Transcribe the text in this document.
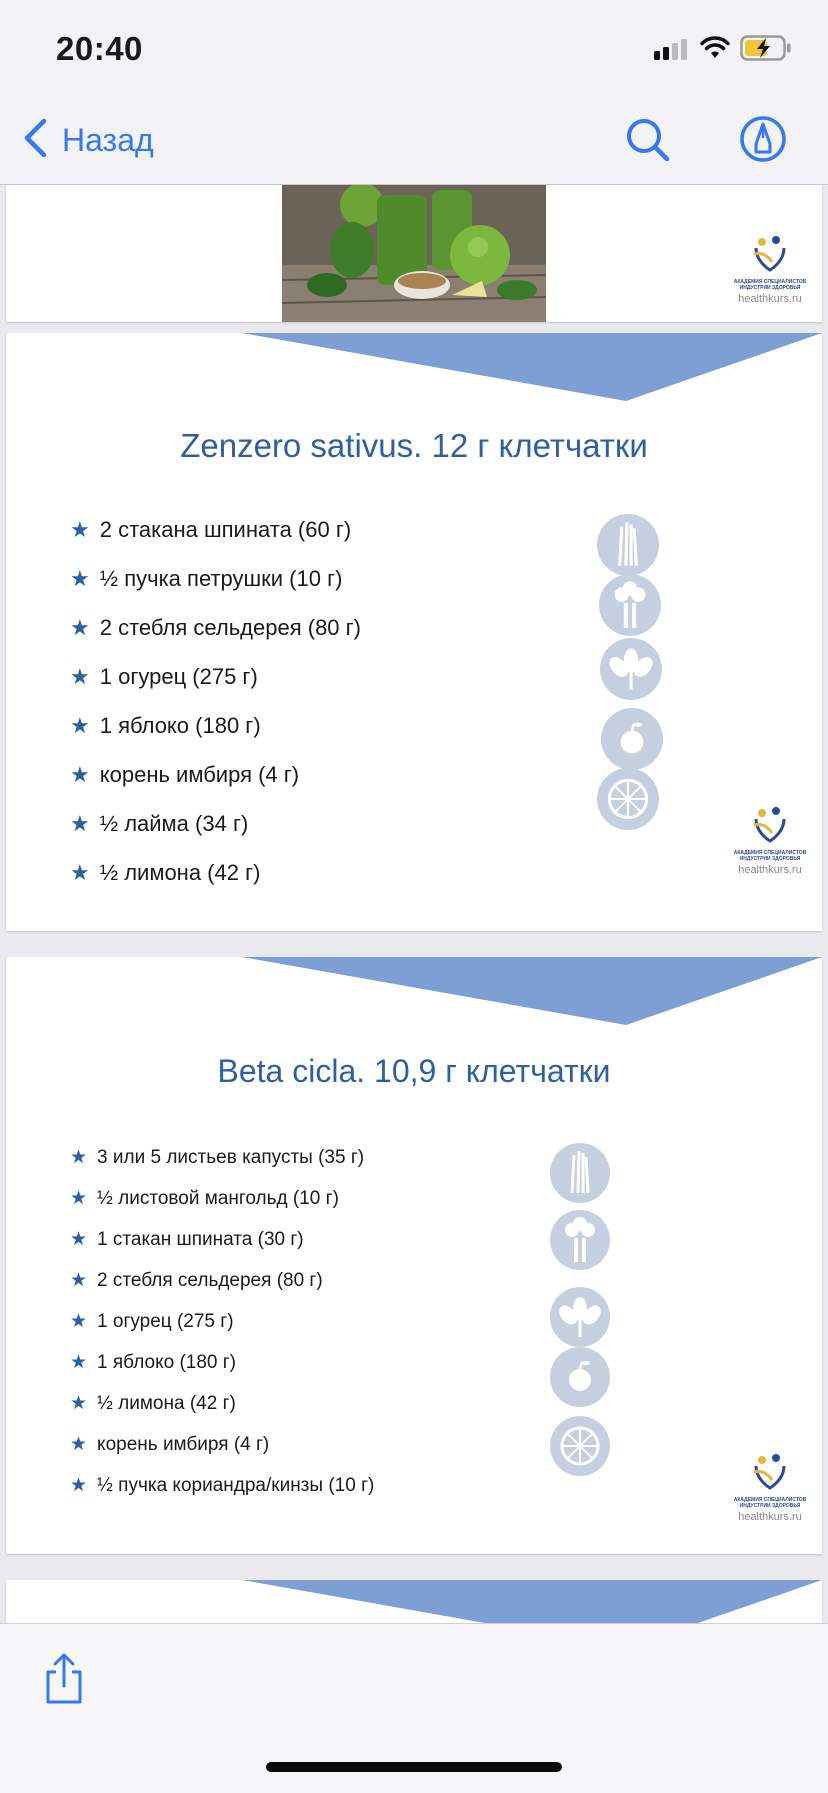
20:40
Назад
АКАДЕМИЯ СПЕЦИАЛИСТОВ ИНДУСТРИИ ЗДОРОВЬЯ
healthkurs.ru
Zenzero sativus. 12 г клетчатки
★ 2 стакана шпината (60 г)
★ ½ пучка петрушки (10 г)
★ 2 стебля сельдерея (80 г)
★ 1 огурец (275 г)
★ 1 яблоко (180 г)
★ корень имбиря (4 г)
★ ½ лайма (34 г)
★ ½ лимона (42 г)
АКАДЕМИЯ СПЕЦИАЛИСТОВ ИНДУСТРИИ ЗДОРОВЬЯ
healthkurs.ru
Beta cicla. 10,9 г клетчатки
★ 3 или 5 листьев капусты (35 г)
★ ½ листовой мангольд (10 г)
★ 1 стакан шпината (30 г)
★ 2 стебля сельдерея (80 г)
★ 1 огурец (275 г)
★ 1 яблоко (180 г)
★ ½ лимона (42 г)
★ корень имбиря (4 г)
★ ½ пучка кориандра/кинзы (10 г)
АКАДЕМИЯ СПЕЦИАЛИСТОВ ИНДУСТРИИ ЗДОРОВЬЯ
healthkurs.ru
